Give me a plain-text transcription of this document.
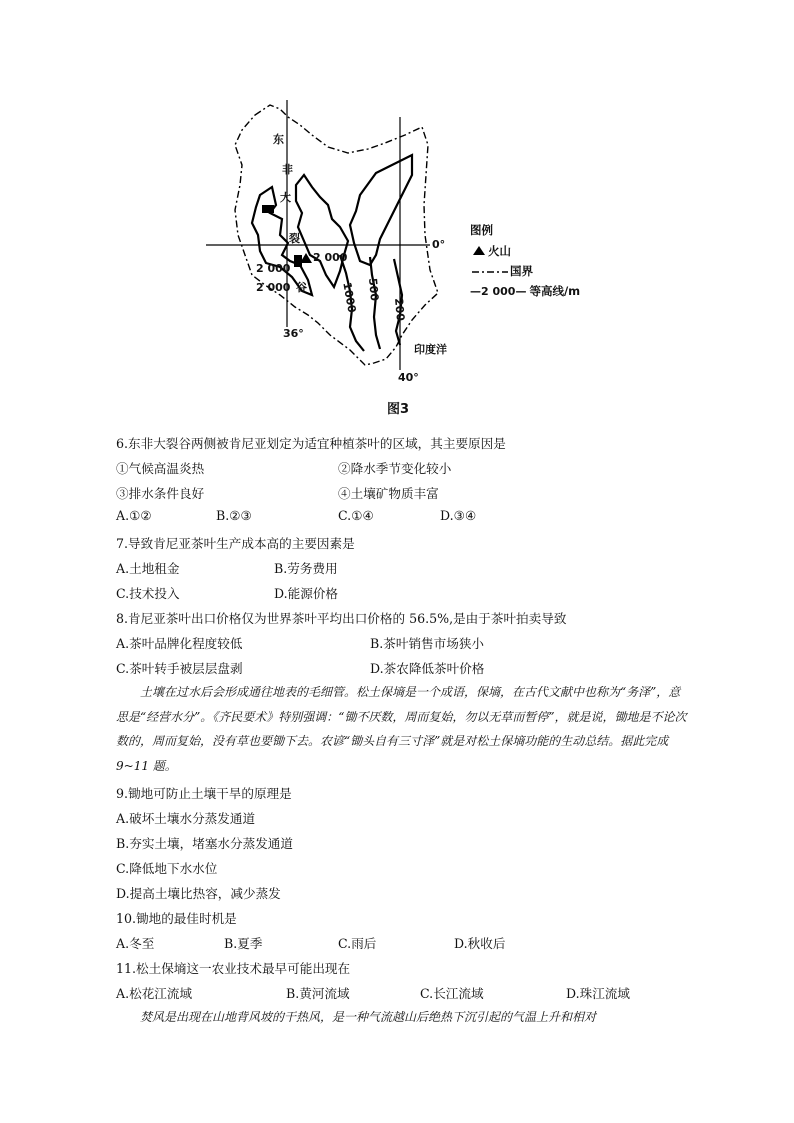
东
非
大
裂
谷
2 000
2 000
2 000	1000 500
200
0°
36°
40°
印度洋
图例
火山
国界
— 2 000 — 等高线/m
图3
6.东非大裂谷两侧被肯尼亚划定为适宜种植茶叶的区域，其主要原因是
①气候高温炎热	②降水季节变化较小
③排水条件良好	④土壤矿物质丰富
A.①②	B.②③	C.①④	D.③④
7.导致肯尼亚茶叶生产成本高的主要因素是
A.土地租金	B.劳务费用
C.技术投入	D.能源价格
8.肯尼亚茶叶出口价格仅为世界茶叶平均出口价格的 56.5%,是由于茶叶拍卖导致
A.茶叶品牌化程度较低	B.茶叶销售市场狭小
C.茶叶转手被层层盘剥	D.茶农降低茶叶价格
土壤在过水后会形成通往地表的毛细管。松土保墒是一个成语，保墒，在古代文献中也称为“务泽”，意思是“经营水分”。《齐民要术》特别强调：“锄不厌数，周而复始，勿以无草而暂停”，就是说，锄地是不论次数的，周而复始，没有草也要锄下去。农谚“锄头自有三寸泽”就是对松土保墒功能的生动总结。据此完成 9~11 题。
9.锄地可防止土壤干旱的原理是
A.破坏土壤水分蒸发通道
B.夯实土壤，堵塞水分蒸发通道
C.降低地下水水位
D.提高土壤比热容，减少蒸发
10.锄地的最佳时机是
A.冬至	B.夏季	C.雨后	D.秋收后
11.松土保墒这一农业技术最早可能出现在
A.松花江流域	B.黄河流域	C.长江流域	D.珠江流域
焚风是出现在山地背风坡的干热风，是一种气流越山后绝热下沉引起的气温上升和相对
